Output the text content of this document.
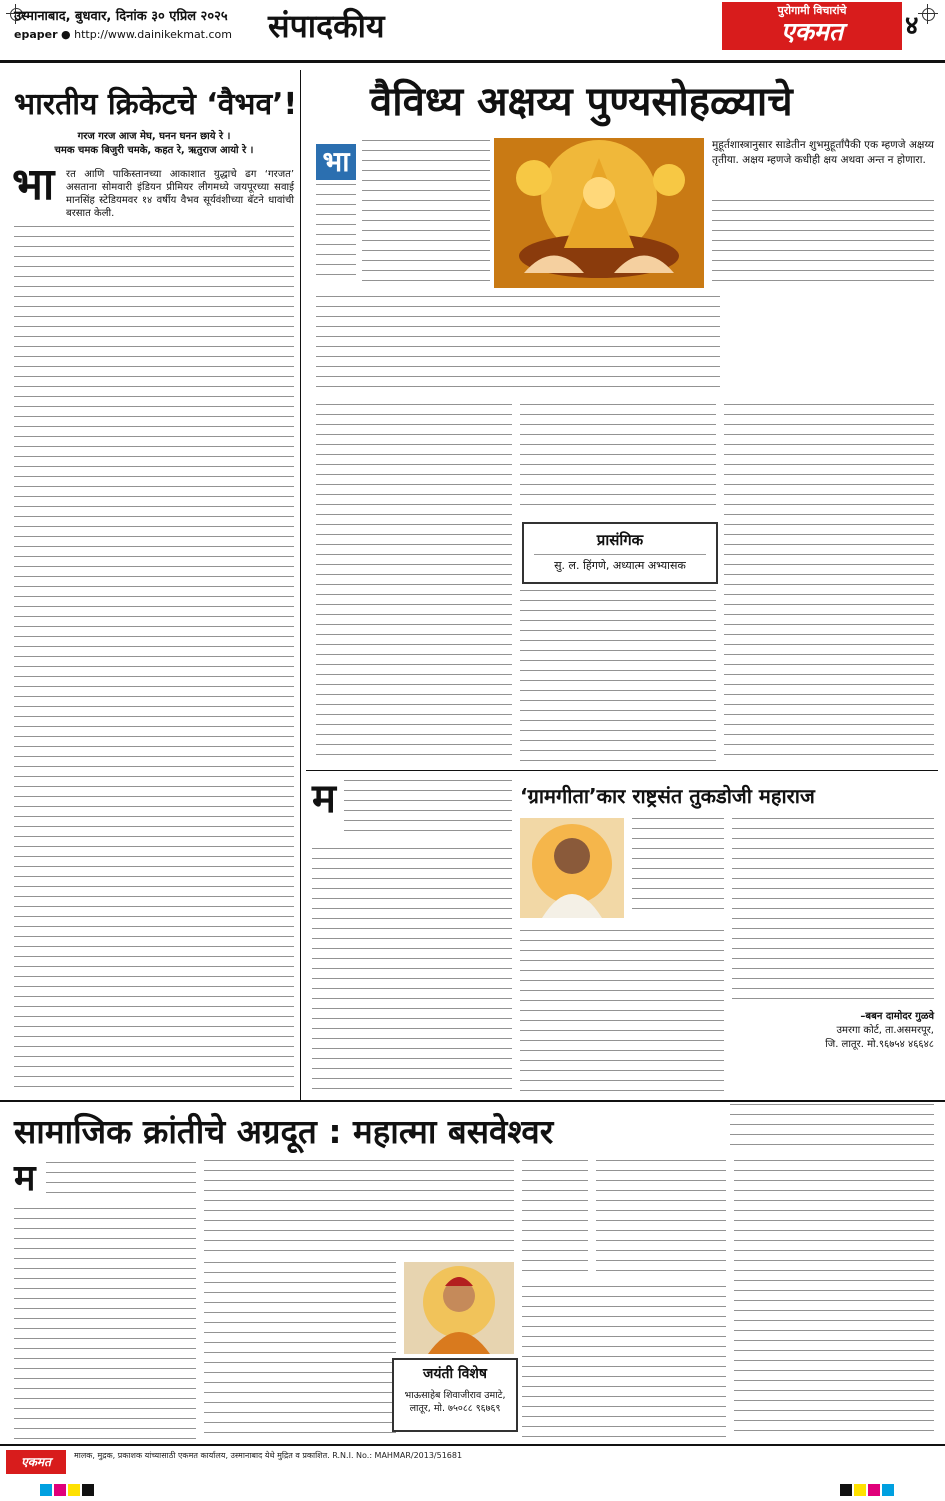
उस्मानाबाद, बुधवार, दिनांक ३० एप्रिल २०२५
epaper ● http://www.dainikekmat.com संपादकीय	पुरोगामी विचारांचे
एकमत	४
भारतीय क्रिकेटचे ‘वैभव’!
गरज गरज आज मेघ, घनन घनन छाये रे ।
चमक चमक बिजुरी चमके, कहत रे, ऋतुराज आयो रे ।
भा रत आणि पाकिस्तानच्या आकाशात युद्धाचे ढग ‘गरजत’ असताना सोमवारी इंडियन प्रीमियर लीगमध्ये जयपूरच्या सवाई मानसिंह स्टेडियमवर १४ वर्षीय वैभव सूर्यवंशीच्या बॅटने धावांची बरसात केली.
वैविध्य अक्षय्य पुण्यसोहळ्याचे
भा	मुहूर्तशास्त्रानुसार साडेतीन शुभमुहूर्तांपैकी एक म्हणजे अक्षय्य तृतीया. अक्षय म्हणजे कधीही क्षय अथवा अन्त न होणारा.
प्रासंगिक
सु. ल. हिंगणे, अध्यात्म अभ्यासक
म	‘ग्रामगीता’कार राष्ट्रसंत तुकडोजी महाराज
–बबन दामोदर गुळवे
उमरगा कोर्ट, ता.असमरपूर,
जि. लातूर. मो.९६७५४ ४६६४८
सामाजिक क्रांतीचे अग्रदूत : महात्मा बसवेश्वर
म
जयंती विशेष
भाऊसाहेब शिवाजीराव उमाटे,
लातूर, मो. ७५०८८ ९६७६९
एकमत	मालक, मुद्रक, प्रकाशक यांच्यासाठी एकमत कार्यालय, उस्मानाबाद येथे मुद्रित व प्रकाशित. R.N.I. No.: MAHMAR/2013/51681
